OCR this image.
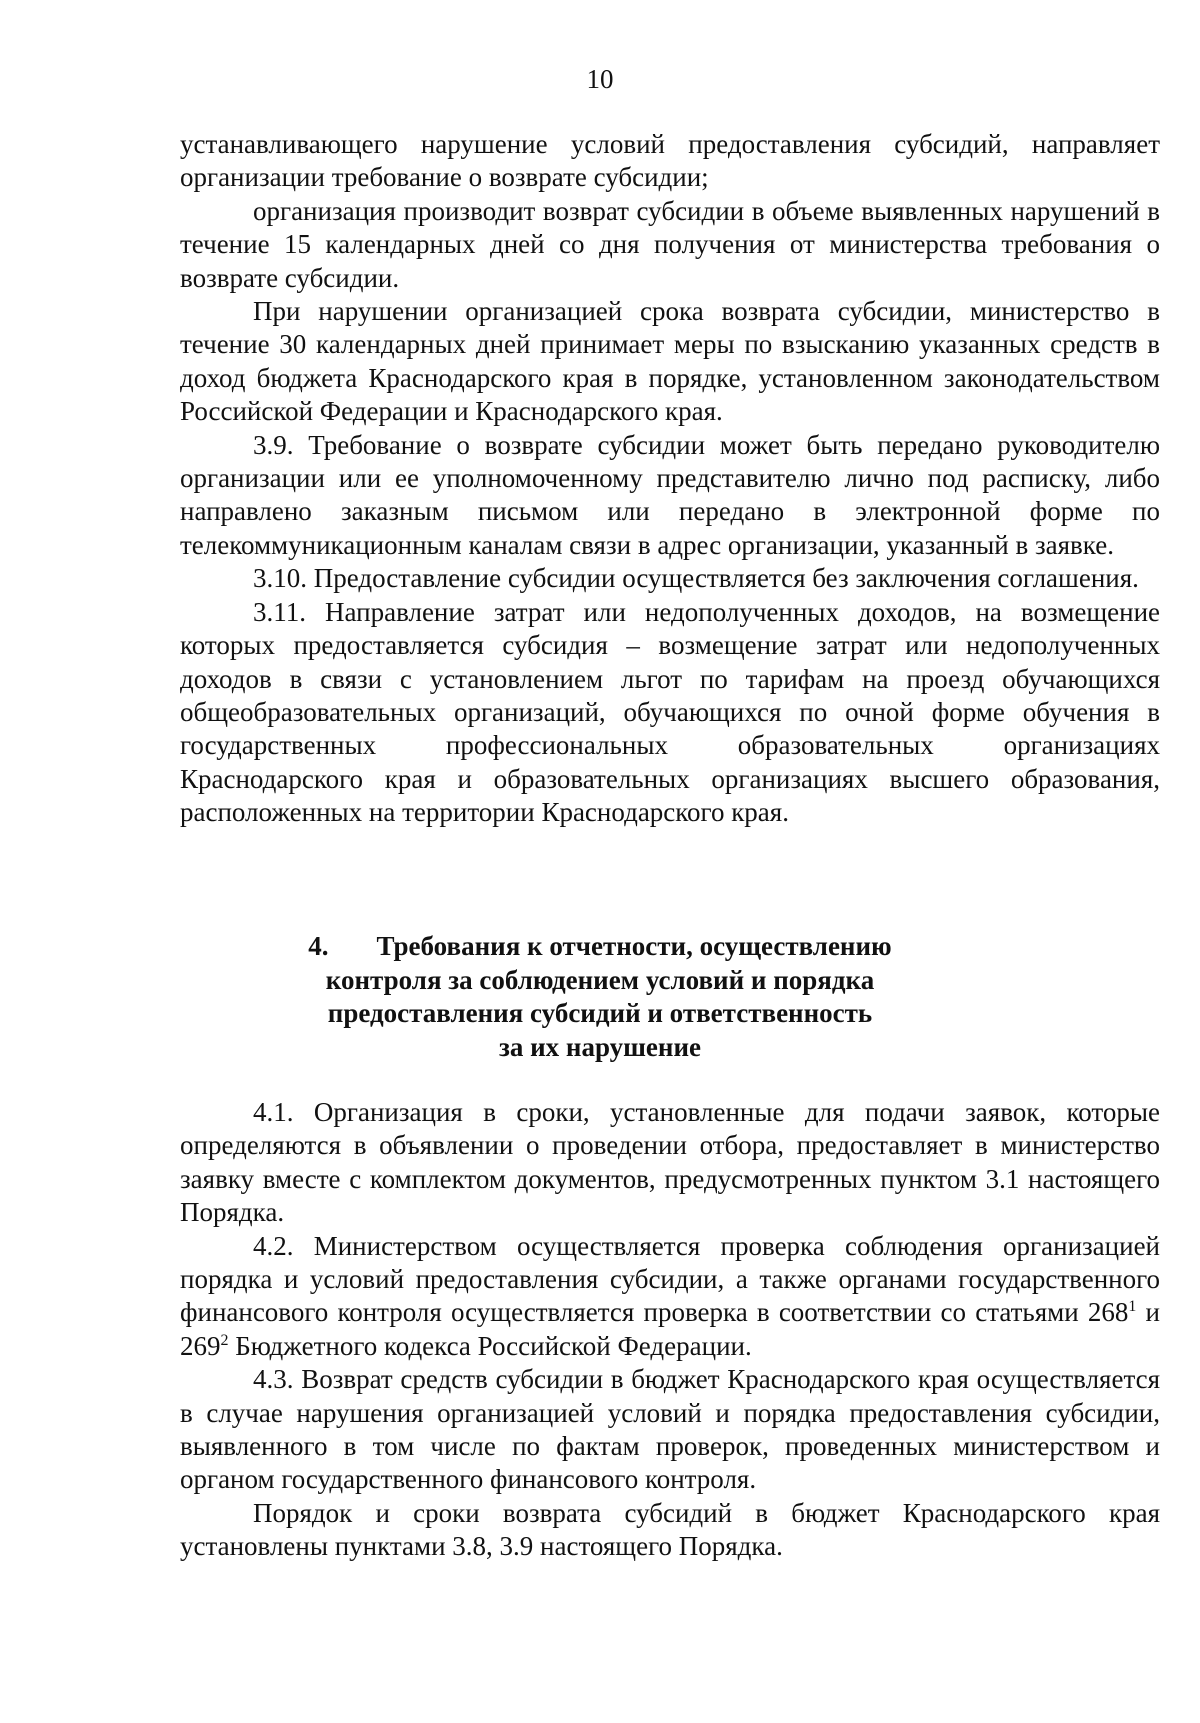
10

устанавливающего нарушение условий предоставления субсидий, направляет организации требование о возврате субсидии;

организация производит возврат субсидии в объеме выявленных нарушений в течение 15 календарных дней со дня получения от министерства требования о возврате субсидии.

При нарушении организацией срока возврата субсидии, министерство в течение 30 календарных дней принимает меры по взысканию указанных средств в доход бюджета Краснодарского края в порядке, установленном законодательством Российской Федерации и Краснодарского края.

3.9. Требование о возврате субсидии может быть передано руководителю организации или ее уполномоченному представителю лично под расписку, либо направлено заказным письмом или передано в электронной форме по телекоммуникационным каналам связи в адрес организации, указанный в заявке.

3.10. Предоставление субсидии осуществляется без заключения соглашения.

3.11. Направление затрат или недополученных доходов, на возмещение которых предоставляется субсидия – возмещение затрат или недополученных доходов в связи с установлением льгот по тарифам на проезд обучающихся общеобразовательных организаций, обучающихся по очной форме обучения в государственных профессиональных образовательных организациях Краснодарского края и образовательных организациях высшего образования, расположенных на территории Краснодарского края.

4. Требования к отчетности, осуществлению
контроля за соблюдением условий и порядка
предоставления субсидий и ответственность
за их нарушение

4.1. Организация в сроки, установленные для подачи заявок, которые определяются в объявлении о проведении отбора, предоставляет в министерство заявку вместе с комплектом документов, предусмотренных пунктом 3.1 настоящего Порядка.

4.2. Министерством осуществляется проверка соблюдения организацией порядка и условий предоставления субсидии, а также органами государственного финансового контроля осуществляется проверка в соответствии со статьями $268^1$ и $269^2$ Бюджетного кодекса Российской Федерации.

4.3. Возврат средств субсидии в бюджет Краснодарского края осуществляется в случае нарушения организацией условий и порядка предоставления субсидии, выявленного в том числе по фактам проверок, проведенных министерством и органом государственного финансового контроля.

Порядок и сроки возврата субсидий в бюджет Краснодарского края установлены пунктами 3.8, 3.9 настоящего Порядка.
